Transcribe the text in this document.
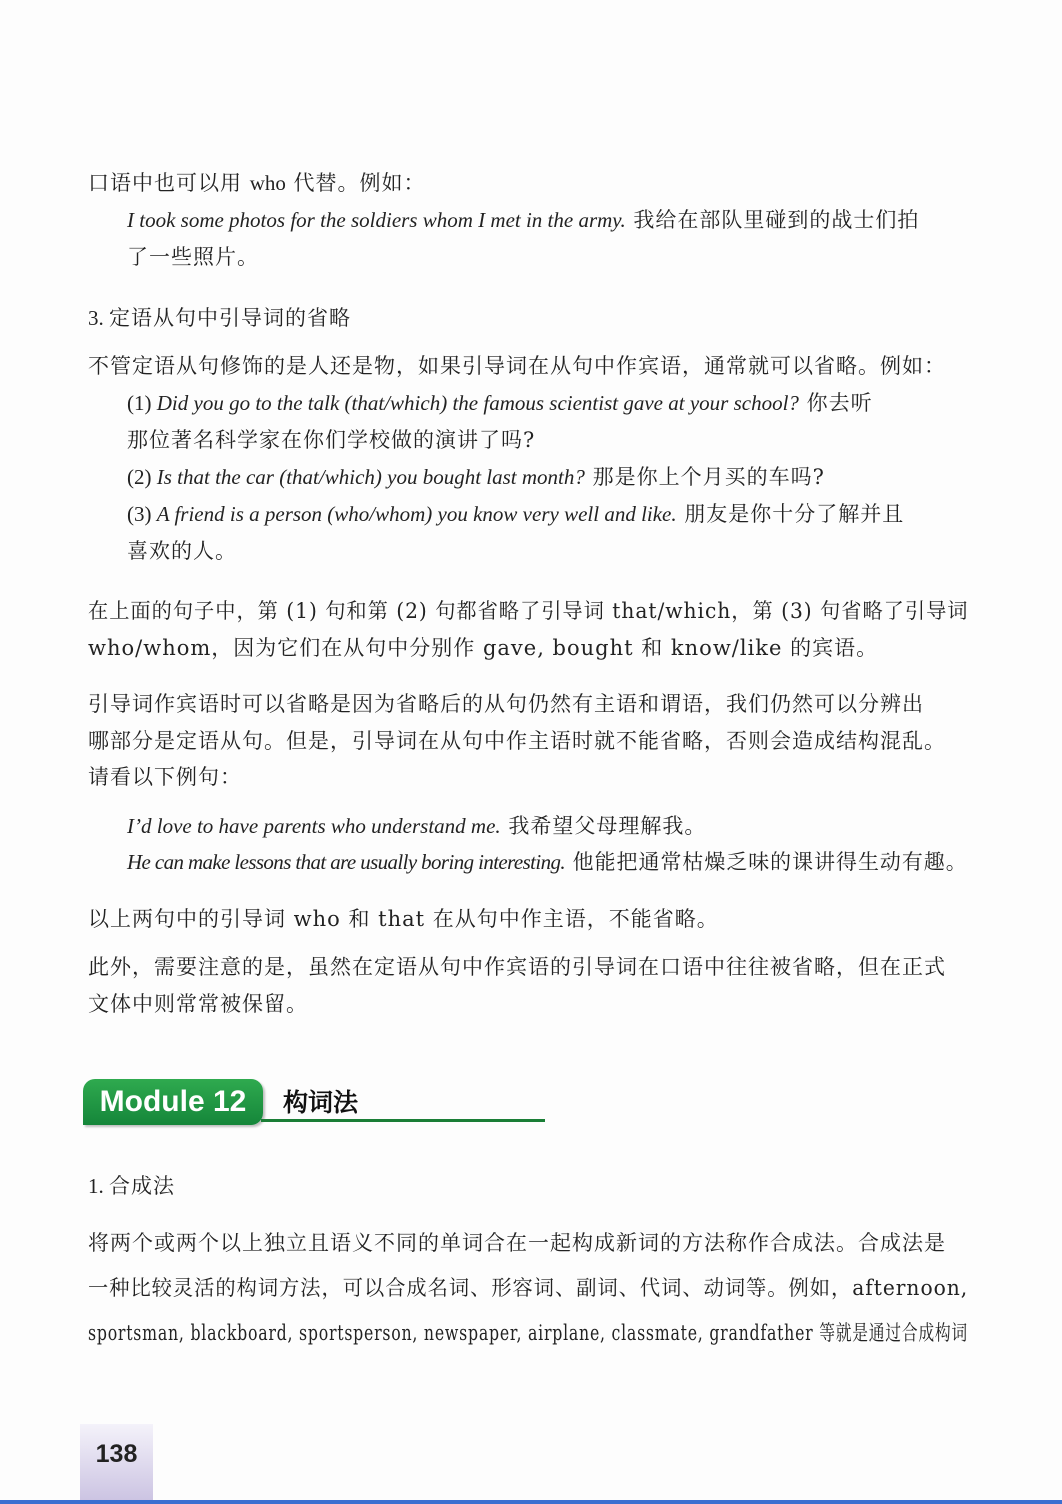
口语中也可以用 who 代替。例如：
I took some photos for the soldiers whom I met in the army. 我给在部队里碰到的战士们拍
了一些照片。
3. 定语从句中引导词的省略
不管定语从句修饰的是人还是物，如果引导词在从句中作宾语，通常就可以省略。例如：
(1) Did you go to the talk (that/which) the famous scientist gave at your school? 你去听
那位著名科学家在你们学校做的演讲了吗?
(2) Is that the car (that/which) you bought last month? 那是你上个月买的车吗?
(3) A friend is a person (who/whom) you know very well and like. 朋友是你十分了解并且
喜欢的人。
在上面的句子中，第 (1) 句和第 (2) 句都省略了引导词 that/which，第 (3) 句省略了引导词
who/whom，因为它们在从句中分别作 gave, bought 和 know/like 的宾语。
引导词作宾语时可以省略是因为省略后的从句仍然有主语和谓语，我们仍然可以分辨出
哪部分是定语从句。但是，引导词在从句中作主语时就不能省略，否则会造成结构混乱。
请看以下例句：
I’d love to have parents who understand me. 我希望父母理解我。
He can make lessons that are usually boring interesting. 他能把通常枯燥乏味的课讲得生动有趣。
以上两句中的引导词 who 和 that 在从句中作主语，不能省略。
此外，需要注意的是，虽然在定语从句中作宾语的引导词在口语中往往被省略，但在正式
文体中则常常被保留。
Module 12	构词法
1. 合成法
将两个或两个以上独立且语义不同的单词合在一起构成新词的方法称作合成法。合成法是
一种比较灵活的构词方法，可以合成名词、形容词、副词、代词、动词等。例如，afternoon,
sportsman, blackboard, sportsperson, newspaper, airplane, classmate, grandfather 等就是通过合成构词
138
